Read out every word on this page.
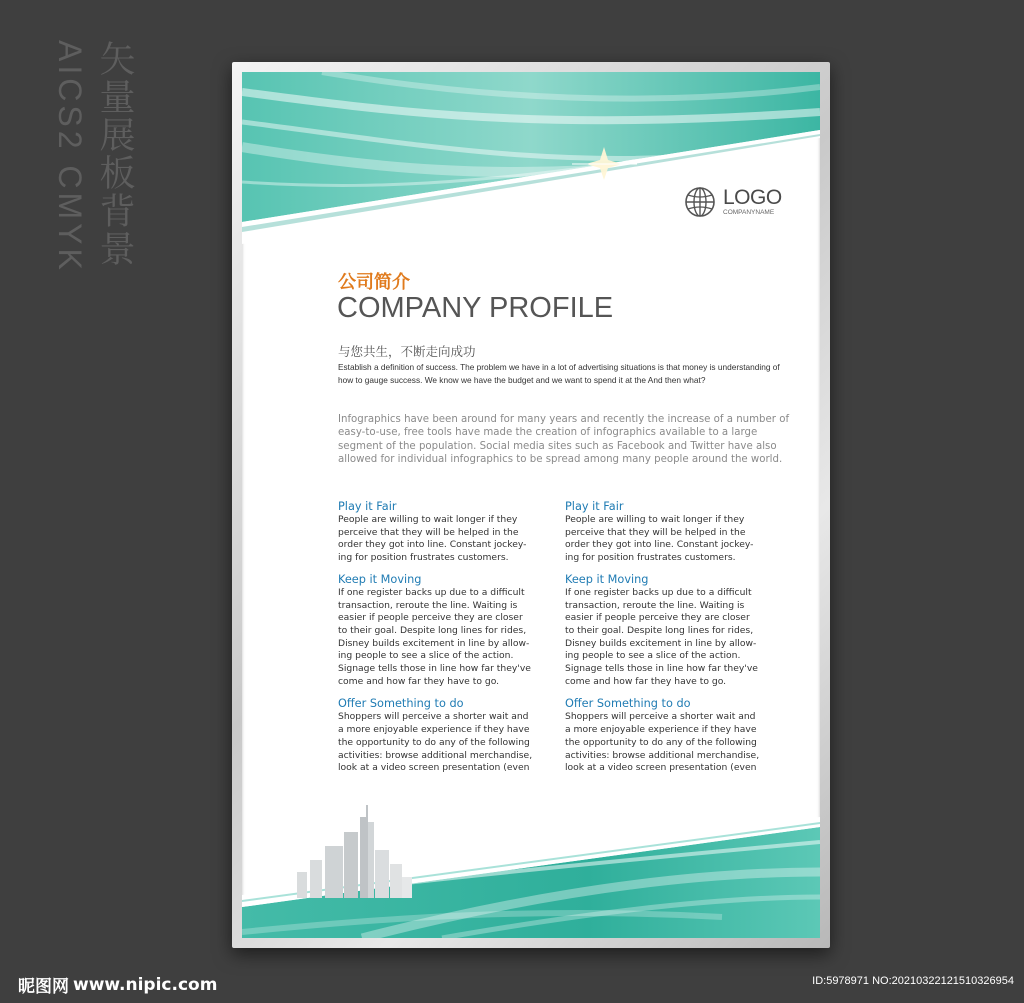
矢量展板背景
AICS2 CMYK	LOGO
COMPANYNAME
公司简介
COMPANY PROFILE
与您共生，不断走向成功
Establish a definition of success. The problem we have in a lot of advertising situations is that money is understanding of how to gauge success. We know we have the budget and we want to spend it at the And then what?
Infographics have been around for many years and recently the increase of a number of easy-to-use, free tools have made the creation of infographics available to a large segment of the population. Social media sites such as Facebook and Twitter have also allowed for individual infographics to be spread among many people around the world.
Play it Fair
People are willing to wait longer if they
perceive that they will be helped in the
order they got into line. Constant jockey-
ing for position frustrates customers.
Keep it Moving
If one register backs up due to a difficult
transaction, reroute the line. Waiting is
easier if people perceive they are closer
to their goal. Despite long lines for rides,
Disney builds excitement in line by allow-
ing people to see a slice of the action.
Signage tells those in line how far they've
come and how far they have to go.
Offer Something to do
Shoppers will perceive a shorter wait and
a more enjoyable experience if they have
the opportunity to do any of the following
activities: browse additional merchandise,
look at a video screen presentation (even
Play it Fair
People are willing to wait longer if they
perceive that they will be helped in the
order they got into line. Constant jockey-
ing for position frustrates customers.
Keep it Moving
If one register backs up due to a difficult
transaction, reroute the line. Waiting is
easier if people perceive they are closer
to their goal. Despite long lines for rides,
Disney builds excitement in line by allow-
ing people to see a slice of the action.
Signage tells those in line how far they've
come and how far they have to go.
Offer Something to do
Shoppers will perceive a shorter wait and
a more enjoyable experience if they have
the opportunity to do any of the following
activities: browse additional merchandise,
look at a video screen presentation (even
昵图网 www.nipic.com	ID:5978971 NO:20210322121510326954
